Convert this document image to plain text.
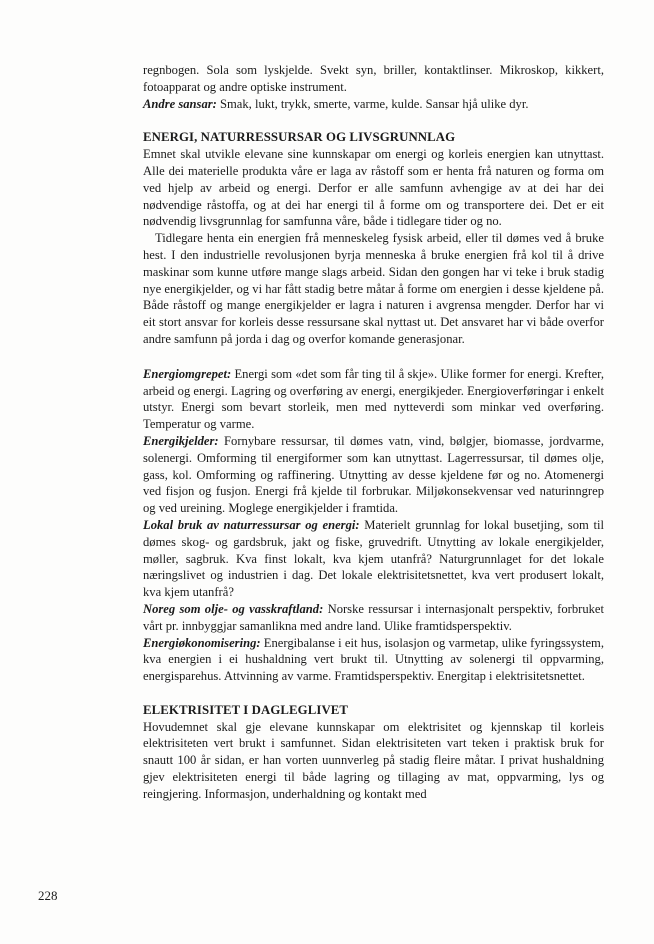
regnbogen. Sola som lyskjelde. Svekt syn, briller, kontaktlinser. Mikroskop, kikkert, fotoapparat og andre optiske instrument.

Andre sansar: Smak, lukt, trykk, smerte, varme, kulde. Sansar hjå ulike dyr.

ENERGI, NATURRESSURSAR OG LIVSGRUNNLAG

Emnet skal utvikle elevane sine kunnskapar om energi og korleis energien kan utnyttast. Alle dei materielle produkta våre er laga av råstoff som er henta frå naturen og forma om ved hjelp av arbeid og energi. Derfor er alle samfunn avhengige av at dei har dei nødvendige råstoffa, og at dei har energi til å forme om og transportere dei. Det er eit nødvendig livsgrunnlag for samfunna våre, både i tidlegare tider og no.

Tidlegare henta ein energien frå menneskeleg fysisk arbeid, eller til dømes ved å bruke hest. I den industrielle revolusjonen byrja menneska å bruke energien frå kol til å drive maskinar som kunne utføre mange slags arbeid. Sidan den gongen har vi teke i bruk stadig nye energikjelder, og vi har fått stadig betre måtar å forme om energien i desse kjeldene på. Både råstoff og mange energikjelder er lagra i naturen i avgrensa mengder. Derfor har vi eit stort ansvar for korleis desse ressursane skal nyttast ut. Det ansvaret har vi både overfor andre samfunn på jorda i dag og overfor komande generasjonar.

Energiomgrepet: Energi som «det som får ting til å skje». Ulike former for energi. Krefter, arbeid og energi. Lagring og overføring av energi, energikjeder. Energioverføringar i enkelt utstyr. Energi som bevart storleik, men med nytteverdi som minkar ved overføring. Temperatur og varme.

Energikjelder: Fornybare ressursar, til dømes vatn, vind, bølgjer, biomasse, jordvarme, solenergi. Omforming til energiformer som kan utnyttast. Lagerressursar, til dømes olje, gass, kol. Omforming og raffinering. Utnytting av desse kjeldene før og no. Atomenergi ved fisjon og fusjon. Energi frå kjelde til forbrukar. Miljøkonsekvensar ved naturinngrep og ved ureining. Moglege energikjelder i framtida.

Lokal bruk av naturressursar og energi: Materielt grunnlag for lokal busetjing, som til dømes skog- og gardsbruk, jakt og fiske, gruvedrift. Utnytting av lokale energikjelder, møller, sagbruk. Kva finst lokalt, kva kjem utanfrå? Naturgrunnlaget for det lokale næringslivet og industrien i dag. Det lokale elektrisitetsnettet, kva vert produsert lokalt, kva kjem utanfrå?

Noreg som olje- og vasskraftland: Norske ressursar i internasjonalt perspektiv, forbruket vårt pr. innbyggjar samanlikna med andre land. Ulike framtidsperspektiv.

Energiøkonomisering: Energibalanse i eit hus, isolasjon og varmetap, ulike fyringssystem, kva energien i ei hushaldning vert brukt til. Utnytting av solenergi til oppvarming, energisparehus. Attvinning av varme. Framtidsperspektiv. Energitap i elektrisitetsnettet.

ELEKTRISITET I DAGLEGLIVET

Hovudemnet skal gje elevane kunnskapar om elektrisitet og kjennskap til korleis elektrisiteten vert brukt i samfunnet. Sidan elektrisiteten vart teken i praktisk bruk for snautt 100 år sidan, er han vorten uunnverleg på stadig fleire måtar. I privat hushaldning gjev elektrisiteten energi til både lagring og tillaging av mat, oppvarming, lys og reingjering. Informasjon, underhaldning og kontakt med

228
